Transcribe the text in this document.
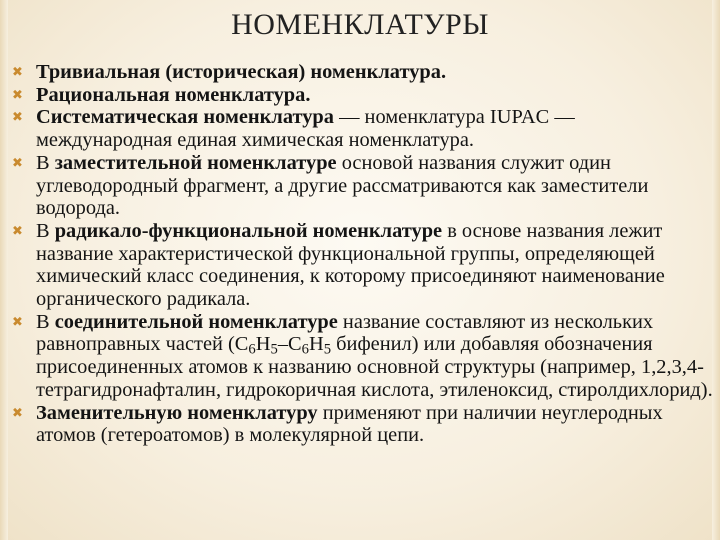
НОМЕНКЛАТУРЫ
✖ Тривиальная (историческая) номенклатура.
✖ Рациональная номенклатура.
✖ Систематическая номенклатура — номенклатура IUPAC — международная единая химическая номенклатура.
✖ В заместительной номенклатуре основой названия служит один углеводородный фрагмент, а другие рассматриваются как заместители водорода.
✖ В радикало-функциональной номенклатуре в основе названия лежит название характеристической функциональной группы, определяющей химический класс соединения, к которому присоединяют наименование органического радикала.
✖ В соединительной номенклатуре название составляют из нескольких равноправных частей ($C_6H_5-C_6H_5$ бифенил) или добавляя обозначения присоединенных атомов к названию основной структуры (например, 1,2,3,4-тетрагидронафталин, гидрокоричная кислота, этиленоксид, стиролдихлорид).
✖ Заменительную номенклатуру применяют при наличии неуглеродных атомов (гетероатомов) в молекулярной цепи.
